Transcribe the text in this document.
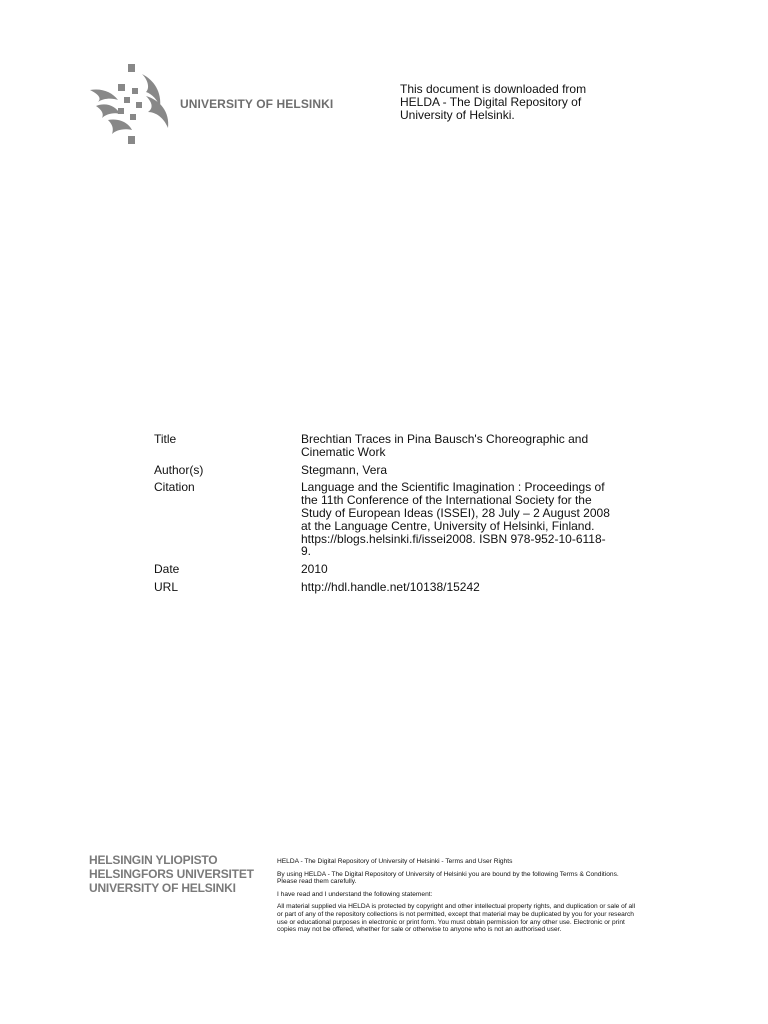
UNIVERSITY OF HELSINKI
This document is downloaded from
HELDA - The Digital Repository of
University of Helsinki.
Title	Brechtian Traces in Pina Bausch's Choreographic and
Cinematic Work
Author(s)	Stegmann, Vera
Citation	Language and the Scientific Imagination : Proceedings of
the 11th Conference of the International Society for the
Study of European Ideas (ISSEI), 28 July – 2 August 2008
at the Language Centre, University of Helsinki, Finland.
https://blogs.helsinki.fi/issei2008. ISBN 978-952-10-6118-
9.
Date	2010
URL	http://hdl.handle.net/10138/15242
HELSINGIN YLIOPISTO
HELSINGFORS UNIVERSITET
UNIVERSITY OF HELSINKI

HELDA - The Digital Repository of University of Helsinki - Terms and User Rights

By using HELDA - The Digital Repository of University of Helsinki you are bound by the following Terms & Conditions.
Please read them carefully.

I have read and I understand the following statement:

All material supplied via HELDA is protected by copyright and other intellectual property rights, and duplication or sale of all
or part of any of the repository collections is not permitted, except that material may be duplicated by you for your research
use or educational purposes in electronic or print form. You must obtain permission for any other use. Electronic or print
copies may not be offered, whether for sale or otherwise to anyone who is not an authorised user.
